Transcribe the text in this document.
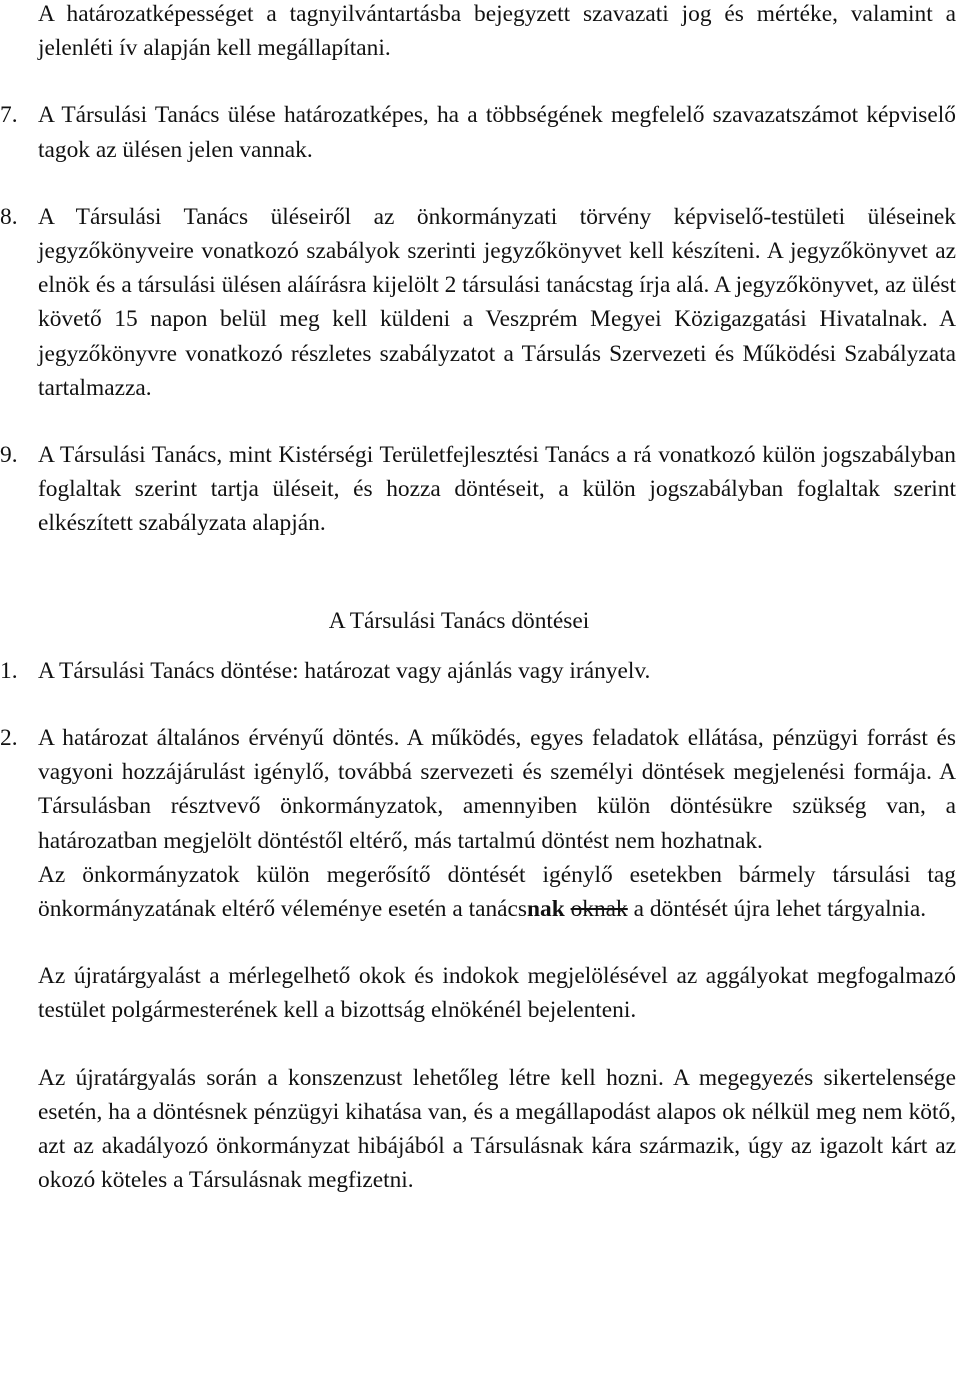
A határozatképességet a tagnyilvántartásba bejegyzett szavazati jog és mértéke, valamint a jelenléti ív alapján kell megállapítani.

7. A Társulási Tanács ülése határozatképes, ha a többségének megfelelő szavazatszámot képviselő tagok az ülésen jelen vannak.
8. A Társulási Tanács üléseiről az önkormányzati törvény képviselő-testületi üléseinek jegyzőkönyveire vonatkozó szabályok szerinti jegyzőkönyvet kell készíteni. A jegyzőkönyvet az elnök és a társulási ülésen aláírásra kijelölt 2 társulási tanácstag írja alá. A jegyzőkönyvet, az ülést követő 15 napon belül meg kell küldeni a Veszprém Megyei Közigazgatási Hivatalnak. A jegyzőkönyvre vonatkozó részletes szabályzatot a Társulás Szervezeti és Működési Szabályzata tartalmazza.
9. A Társulási Tanács, mint Kistérségi Területfejlesztési Tanács a rá vonatkozó külön jogszabályban foglaltak szerint tartja üléseit, és hozza döntéseit, a külön jogszabályban foglaltak szerint elkészített szabályzata alapján.

A Társulási Tanács döntései

1. A Társulási Tanács döntése: határozat vagy ajánlás vagy irányelv.
2. A határozat általános érvényű döntés. A működés, egyes feladatok ellátása, pénzügyi forrást és vagyoni hozzájárulást igénylő, továbbá szervezeti és személyi döntések megjelenési formája. A Társulásban résztvevő önkormányzatok, amennyiben külön döntésükre szükség van, a határozatban megjelölt döntéstől eltérő, más tartalmú döntést nem hozhatnak.

Az önkormányzatok külön megerősítő döntését igénylő esetekben bármely társulási tag önkormányzatának eltérő véleménye esetén a tanácsnak oknak a döntését újra lehet tárgyalnia.

Az újratárgyalást a mérlegelhető okok és indokok megjelölésével az aggályokat megfogalmazó testület polgármesterének kell a bizottság elnökénél bejelenteni.

Az újratárgyalás során a konszenzust lehetőleg létre kell hozni. A megegyezés sikertelensége esetén, ha a döntésnek pénzügyi kihatása van, és a megállapodást alapos ok nélkül meg nem kötő, azt az akadályozó önkormányzat hibájából a Társulásnak kára származik, úgy az igazolt kárt az okozó köteles a Társulásnak megfizetni.
